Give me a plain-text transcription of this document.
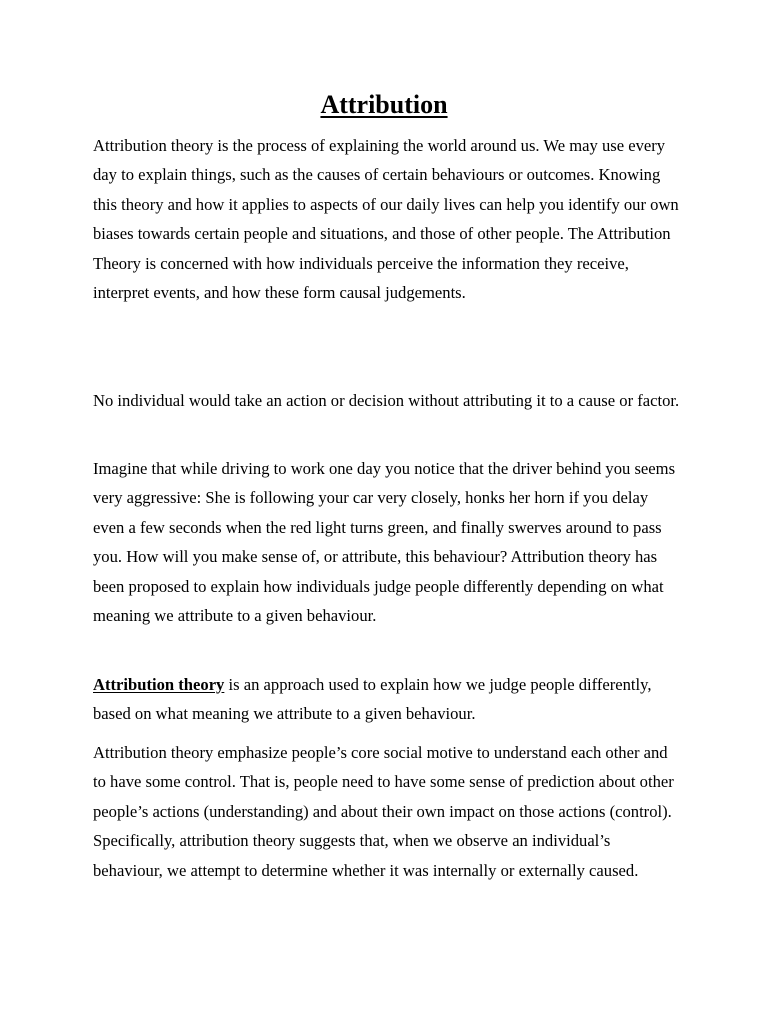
Attribution

Attribution theory is the process of explaining the world around us. We may use every day to explain things, such as the causes of certain behaviours or outcomes. Knowing this theory and how it applies to aspects of our daily lives can help you identify our own biases towards certain people and situations, and those of other people. The Attribution Theory is concerned with how individuals perceive the information they receive, interpret events, and how these form causal judgements.

No individual would take an action or decision without attributing it to a cause or factor.

Imagine that while driving to work one day you notice that the driver behind you seems very aggressive: She is following your car very closely, honks her horn if you delay even a few seconds when the red light turns green, and finally swerves around to pass you. How will you make sense of, or attribute, this behaviour? Attribution theory has been proposed to explain how individuals judge people differently depending on what meaning we attribute to a given behaviour.

Attribution theory is an approach used to explain how we judge people differently, based on what meaning we attribute to a given behaviour.

Attribution theory emphasize people’s core social motive to understand each other and to have some control. That is, people need to have some sense of prediction about other people’s actions (understanding) and about their own impact on those actions (control). Specifically, attribution theory suggests that, when we observe an individual’s behaviour, we attempt to determine whether it was internally or externally caused.
